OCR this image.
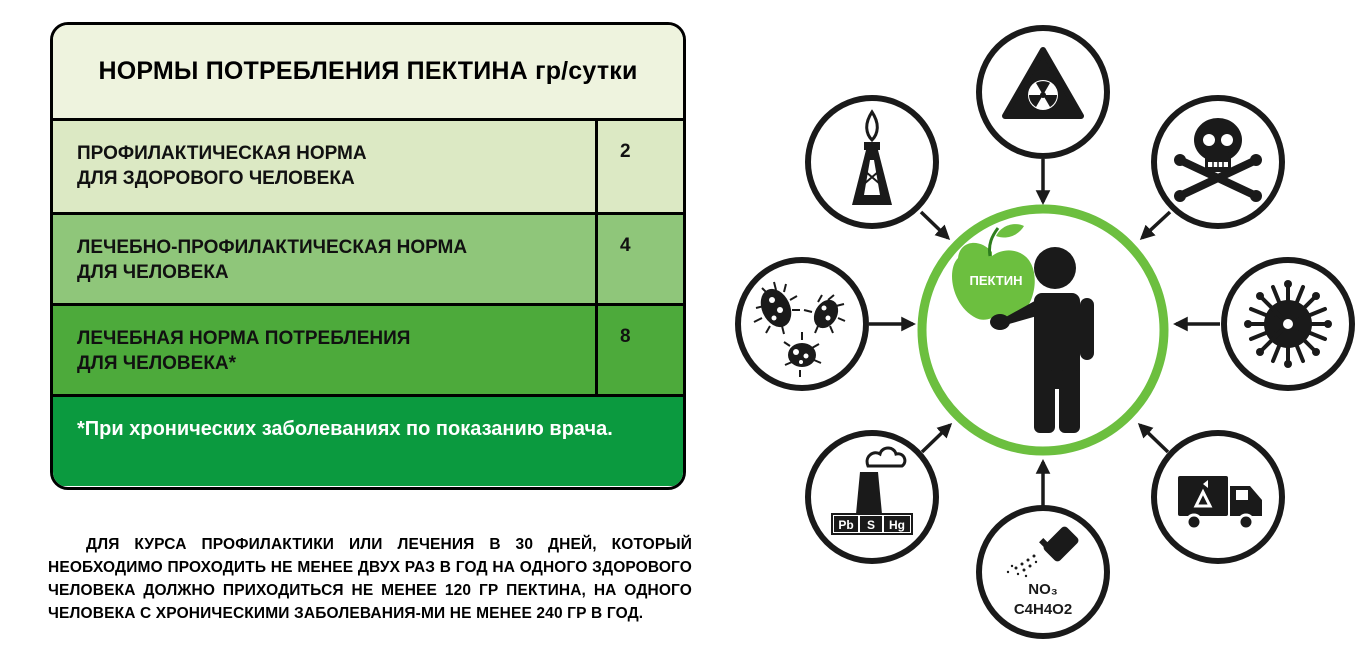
НОРМЫ ПОТРЕБЛЕНИЯ ПЕКТИНА гр/сутки
ПРОФИЛАКТИЧЕСКАЯ НОРМА
ДЛЯ ЗДОРОВОГО ЧЕЛОВЕКА
2
ЛЕЧЕБНО-ПРОФИЛАКТИЧЕСКАЯ НОРМА
ДЛЯ ЧЕЛОВЕКА
4
ЛЕЧЕБНАЯ НОРМА ПОТРЕБЛЕНИЯ
ДЛЯ ЧЕЛОВЕКА*
8
*При хронических заболеваниях по показанию врача.

ДЛЯ КУРСА ПРОФИЛАКТИКИ ИЛИ ЛЕЧЕНИЯ В 30 ДНЕЙ, КОТОРЫЙ НЕОБХОДИМО ПРОХОДИТЬ НЕ МЕНЕЕ ДВУХ РАЗ В ГОД НА ОДНОГО ЗДОРОВОГО ЧЕЛОВЕКА ДОЛЖНО ПРИХОДИТЬСЯ НЕ МЕНЕЕ 120 ГР ПЕКТИНА, НА ОДНОГО ЧЕЛОВЕКА С ХРОНИЧЕСКИМИ ЗАБОЛЕВАНИЯ-МИ НЕ МЕНЕЕ 240 ГР В ГОД.

ПЕКТИН
Pb S Hg
NO₃
C4H4O2
